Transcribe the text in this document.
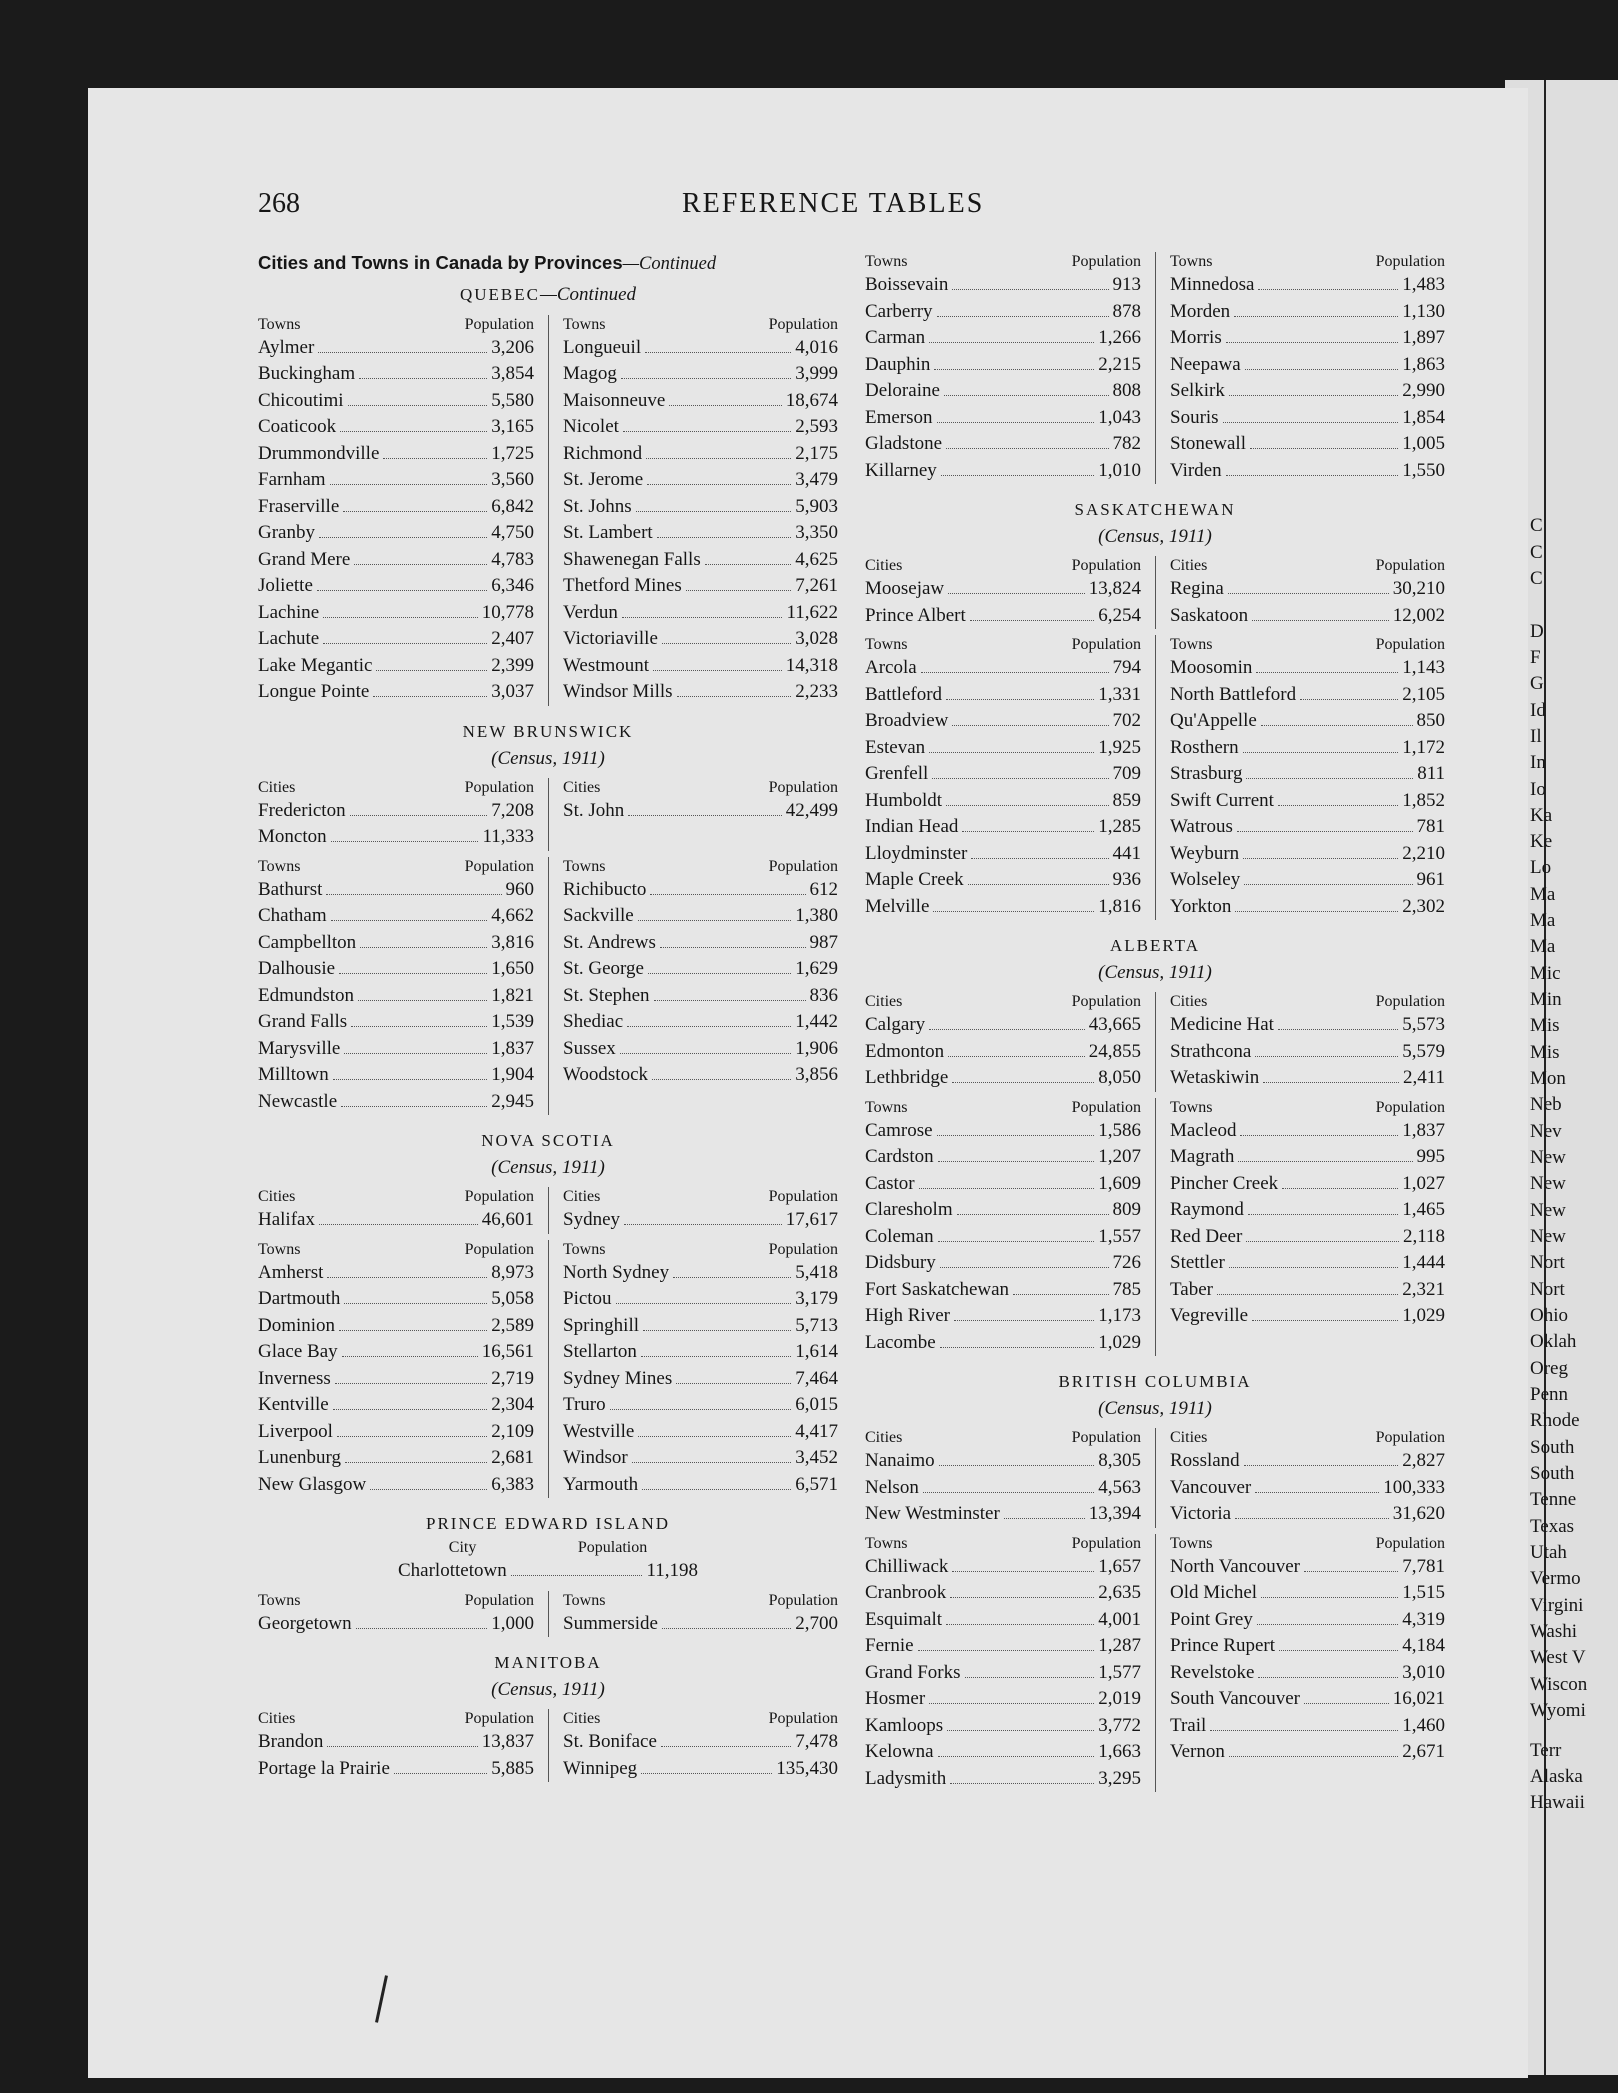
268	REFERENCE TABLES
Cities and Towns in Canada by Provinces—Continued
QUEBEC—Continued
Towns	Population
Aylmer	3,206
Buckingham	3,854
Chicoutimi	5,580
Coaticook	3,165
Drummondville	1,725
Farnham	3,560
Fraserville	6,842
Granby	4,750
Grand Mere	4,783
Joliette	6,346
Lachine	10,778
Lachute	2,407
Lake Megantic	2,399
Longue Pointe	3,037
Towns	Population
Longueuil	4,016
Magog	3,999
Maisonneuve	18,674
Nicolet	2,593
Richmond	2,175
St. Jerome	3,479
St. Johns	5,903
St. Lambert	3,350
Shawenegan Falls	4,625
Thetford Mines	7,261
Verdun	11,622
Victoriaville	3,028
Westmount	14,318
Windsor Mills	2,233
NEW BRUNSWICK
(Census, 1911)
Cities	Population
Fredericton	7,208
Moncton	11,333
Cities	Population
St. John	42,499
Towns	Population
Bathurst	960
Chatham	4,662
Campbellton	3,816
Dalhousie	1,650
Edmundston	1,821
Grand Falls	1,539
Marysville	1,837
Milltown	1,904
Newcastle	2,945
Towns	Population
Richibucto	612
Sackville	1,380
St. Andrews	987
St. George	1,629
St. Stephen	836
Shediac	1,442
Sussex	1,906
Woodstock	3,856
NOVA SCOTIA
(Census, 1911)
Cities	Population
Halifax	46,601
Cities	Population
Sydney	17,617
Towns	Population
Amherst	8,973
Dartmouth	5,058
Dominion	2,589
Glace Bay	16,561
Inverness	2,719
Kentville	2,304
Liverpool	2,109
Lunenburg	2,681
New Glasgow	6,383
Towns	Population
North Sydney	5,418
Pictou	3,179
Springhill	5,713
Stellarton	1,614
Sydney Mines	7,464
Truro	6,015
Westville	4,417
Windsor	3,452
Yarmouth	6,571
PRINCE EDWARD ISLAND
City	Population
Charlottetown	11,198
Towns	Population
Georgetown	1,000
Towns	Population
Summerside	2,700
MANITOBA
(Census, 1911)
Cities	Population
Brandon	13,837
Portage la Prairie	5,885
Cities	Population
St. Boniface	7,478
Winnipeg	135,430
Towns	Population
Boissevain	913
Carberry	878
Carman	1,266
Dauphin	2,215
Deloraine	808
Emerson	1,043
Gladstone	782
Killarney	1,010
Towns	Population
Minnedosa	1,483
Morden	1,130
Morris	1,897
Neepawa	1,863
Selkirk	2,990
Souris	1,854
Stonewall	1,005
Virden	1,550
SASKATCHEWAN
(Census, 1911)
Cities	Population
Moosejaw	13,824
Prince Albert	6,254
Cities	Population
Regina	30,210
Saskatoon	12,002
Towns	Population
Arcola	794
Battleford	1,331
Broadview	702
Estevan	1,925
Grenfell	709
Humboldt	859
Indian Head	1,285
Lloydminster	441
Maple Creek	936
Melville	1,816
Towns	Population
Moosomin	1,143
North Battleford	2,105
Qu'Appelle	850
Rosthern	1,172
Strasburg	811
Swift Current	1,852
Watrous	781
Weyburn	2,210
Wolseley	961
Yorkton	2,302
ALBERTA
(Census, 1911)
Cities	Population
Calgary	43,665
Edmonton	24,855
Lethbridge	8,050
Cities	Population
Medicine Hat	5,573
Strathcona	5,579
Wetaskiwin	2,411
Towns	Population
Camrose	1,586
Cardston	1,207
Castor	1,609
Claresholm	809
Coleman	1,557
Didsbury	726
Fort Saskatchewan	785
High River	1,173
Lacombe	1,029
Towns	Population
Macleod	1,837
Magrath	995
Pincher Creek	1,027
Raymond	1,465
Red Deer	2,118
Stettler	1,444
Taber	2,321
Vegreville	1,029
BRITISH COLUMBIA
(Census, 1911)
Cities	Population
Nanaimo	8,305
Nelson	4,563
New Westminster	13,394
Cities	Population
Rossland	2,827
Vancouver	100,333
Victoria	31,620
Towns	Population
Chilliwack	1,657
Cranbrook	2,635
Esquimalt	4,001
Fernie	1,287
Grand Forks	1,577
Hosmer	2,019
Kamloops	3,772
Kelowna	1,663
Ladysmith	3,295
Towns	Population
North Vancouver	7,781
Old Michel	1,515
Point Grey	4,319
Prince Rupert	4,184
Revelstoke	3,010
South Vancouver	16,021
Trail	1,460
Vernon	2,671
C
C
C
D
F
G
Id
Il
In
Io
Ka
Ke
Lo
Ma
Ma
Ma
Mic
Min
Mis
Mis
Mon
Neb
Nev
New
New
New
New
Nort
Nort
Ohio
Oklah
Oreg
Penn
Rhode
South
South
Tenne
Texas
Utah
Vermo
Virgini
Washi
West V
Wiscon
Wyomi
Terr
Alaska
Hawaii
